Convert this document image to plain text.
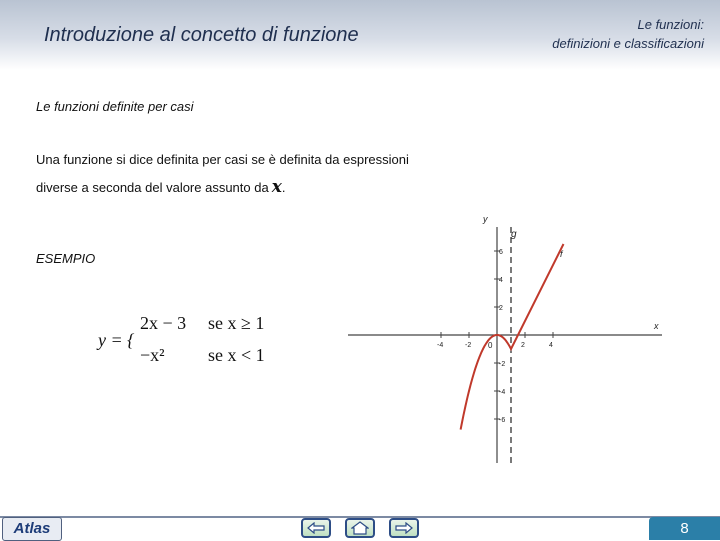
Introduzione al concetto di funzione	Le funzioni:
definizioni e classificazioni
Le funzioni definite per casi
Una funzione si dice definita per casi se è definita da espressioni
diverse a seconda del valore assunto da x.
ESEMPIO
y = {
2x − 3 se x ≥ 1
−x² se x < 1	-4	-2	2	4
6
4
2
-2
-4
-6
x
y
f
g
0
Atlas	8
